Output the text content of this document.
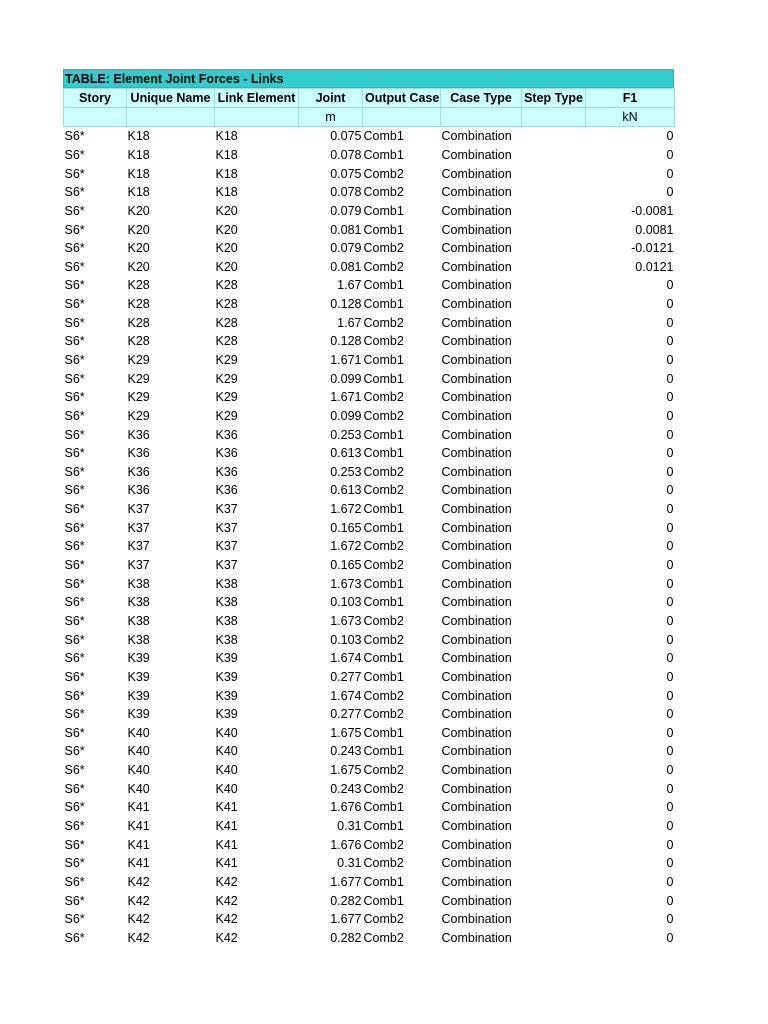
TABLE: Element Joint Forces - Links
Story	Unique Name	Link Element	Joint	Output Case	Case Type	Step Type	F1
			m				kN
S6*	K18	K18	0.075	Comb1	Combination		0
S6*	K18	K18	0.078	Comb1	Combination		0
S6*	K18	K18	0.075	Comb2	Combination		0
S6*	K18	K18	0.078	Comb2	Combination		0
S6*	K20	K20	0.079	Comb1	Combination		-0.0081
S6*	K20	K20	0.081	Comb1	Combination		0.0081
S6*	K20	K20	0.079	Comb2	Combination		-0.0121
S6*	K20	K20	0.081	Comb2	Combination		0.0121
S6*	K28	K28	1.67	Comb1	Combination		0
S6*	K28	K28	0.128	Comb1	Combination		0
S6*	K28	K28	1.67	Comb2	Combination		0
S6*	K28	K28	0.128	Comb2	Combination		0
S6*	K29	K29	1.671	Comb1	Combination		0
S6*	K29	K29	0.099	Comb1	Combination		0
S6*	K29	K29	1.671	Comb2	Combination		0
S6*	K29	K29	0.099	Comb2	Combination		0
S6*	K36	K36	0.253	Comb1	Combination		0
S6*	K36	K36	0.613	Comb1	Combination		0
S6*	K36	K36	0.253	Comb2	Combination		0
S6*	K36	K36	0.613	Comb2	Combination		0
S6*	K37	K37	1.672	Comb1	Combination		0
S6*	K37	K37	0.165	Comb1	Combination		0
S6*	K37	K37	1.672	Comb2	Combination		0
S6*	K37	K37	0.165	Comb2	Combination		0
S6*	K38	K38	1.673	Comb1	Combination		0
S6*	K38	K38	0.103	Comb1	Combination		0
S6*	K38	K38	1.673	Comb2	Combination		0
S6*	K38	K38	0.103	Comb2	Combination		0
S6*	K39	K39	1.674	Comb1	Combination		0
S6*	K39	K39	0.277	Comb1	Combination		0
S6*	K39	K39	1.674	Comb2	Combination		0
S6*	K39	K39	0.277	Comb2	Combination		0
S6*	K40	K40	1.675	Comb1	Combination		0
S6*	K40	K40	0.243	Comb1	Combination		0
S6*	K40	K40	1.675	Comb2	Combination		0
S6*	K40	K40	0.243	Comb2	Combination		0
S6*	K41	K41	1.676	Comb1	Combination		0
S6*	K41	K41	0.31	Comb1	Combination		0
S6*	K41	K41	1.676	Comb2	Combination		0
S6*	K41	K41	0.31	Comb2	Combination		0
S6*	K42	K42	1.677	Comb1	Combination		0
S6*	K42	K42	0.282	Comb1	Combination		0
S6*	K42	K42	1.677	Comb2	Combination		0
S6*	K42	K42	0.282	Comb2	Combination		0
